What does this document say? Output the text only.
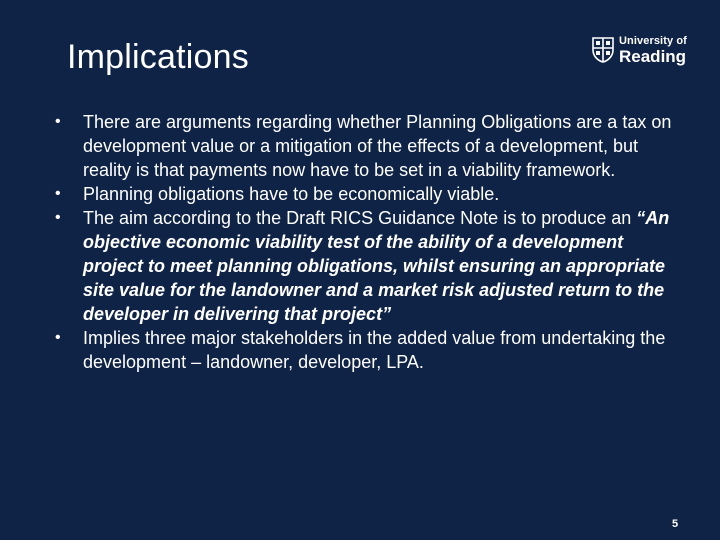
Implications	University of
Reading
•	There are arguments regarding whether Planning Obligations are a tax on development value or a mitigation of the effects of a development, but reality is that payments now have to be set in a viability framework.
•	Planning obligations have to be economically viable.
•	The aim according to the Draft RICS Guidance Note is to produce an “An objective economic viability test of the ability of a development project to meet planning obligations, whilst ensuring an appropriate site value for the landowner and a market risk adjusted return to the developer in delivering that project”
•	Implies three major stakeholders in the added value from undertaking the development – landowner, developer, LPA.
5
